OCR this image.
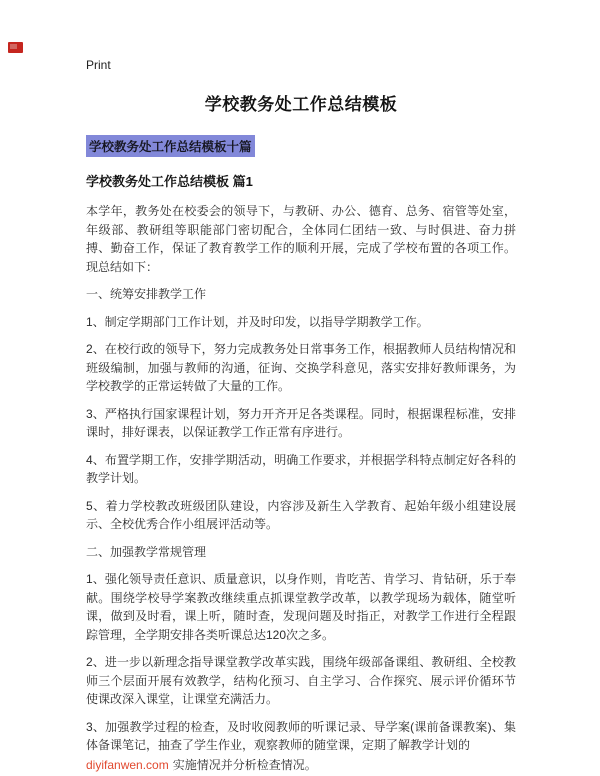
Print

学校教务处工作总结模板
学校教务处工作总结模板十篇
学校教务处工作总结模板 篇1

本学年，教务处在校委会的领导下，与教研、办公、德育、总务、宿管等处室，年级部、教研组等职能部门密切配合，全体同仁团结一致、与时俱进、奋力拼搏、勤奋工作，保证了教育教学工作的顺利开展，完成了学校布置的各项工作。现总结如下：

一、统筹安排教学工作

1、制定学期部门工作计划，并及时印发，以指导学期教学工作。

2、在校行政的领导下，努力完成教务处日常事务工作，根据教师人员结构情况和班级编制，加强与教师的沟通，征询、交换学科意见，落实安排好教师课务，为学校教学的正常运转做了大量的工作。

3、严格执行国家课程计划，努力开齐开足各类课程。同时，根据课程标准，安排课时，排好课表，以保证教学工作正常有序进行。

4、布置学期工作，安排学期活动，明确工作要求，并根据学科特点制定好各科的教学计划。

5、着力学校教改班级团队建设，内容涉及新生入学教育、起始年级小组建设展示、全校优秀合作小组展评活动等。

二、加强教学常规管理

1、强化领导责任意识、质量意识，以身作则，肯吃苦、肯学习、肯钻研，乐于奉献。围绕学校导学案教改继续重点抓课堂教学改革，以教学现场为载体，随堂听课，做到及时看，课上听，随时查，发现问题及时指正，对教学工作进行全程跟踪管理，全学期安排各类听课总达120次之多。

2、进一步以新理念指导课堂教学改革实践，围绕年级部备课组、教研组、全校教师三个层面开展有效教学，结构化预习、自主学习、合作探究、展示评价循环节使课改深入课堂，让课堂充满活力。

3、加强教学过程的检查，及时收阅教师的听课记录、导学案(课前备课教案)、集体备课笔记，抽查了学生作业，观察教师的随堂课，定期了解教学计划的

diyifanwen.com 实施情况并分析检查情况。
